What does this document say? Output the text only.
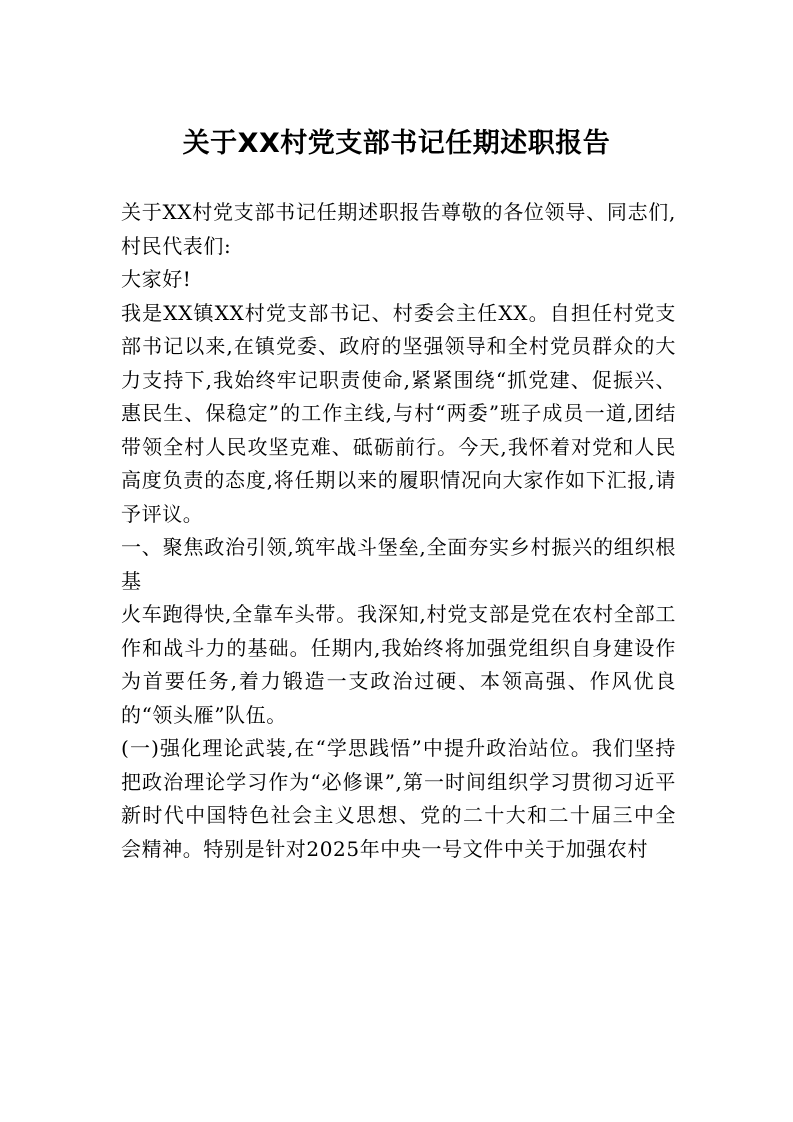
关于XX村党支部书记任期述职报告

关于XX村党支部书记任期述职报告尊敬的各位领导、同志们,村民代表们:

大家好!

我是XX镇XX村党支部书记、村委会主任XX。自担任村党支部书记以来,在镇党委、政府的坚强领导和全村党员群众的大力支持下,我始终牢记职责使命,紧紧围绕“抓党建、促振兴、惠民生、保稳定”的工作主线,与村“两委”班子成员一道,团结带领全村人民攻坚克难、砥砺前行。今天,我怀着对党和人民高度负责的态度,将任期以来的履职情况向大家作如下汇报,请予评议。

一、聚焦政治引领,筑牢战斗堡垒,全面夯实乡村振兴的组织根基

火车跑得快,全靠车头带。我深知,村党支部是党在农村全部工作和战斗力的基础。任期内,我始终将加强党组织自身建设作为首要任务,着力锻造一支政治过硬、本领高强、作风优良的“领头雁”队伍。

(一)强化理论武装,在“学思践悟”中提升政治站位。我们坚持把政治理论学习作为“必修课”,第一时间组织学习贯彻习近平新时代中国特色社会主义思想、党的二十大和二十届三中全会精神。特别是针对2025年中央一号文件中关于加强农村
